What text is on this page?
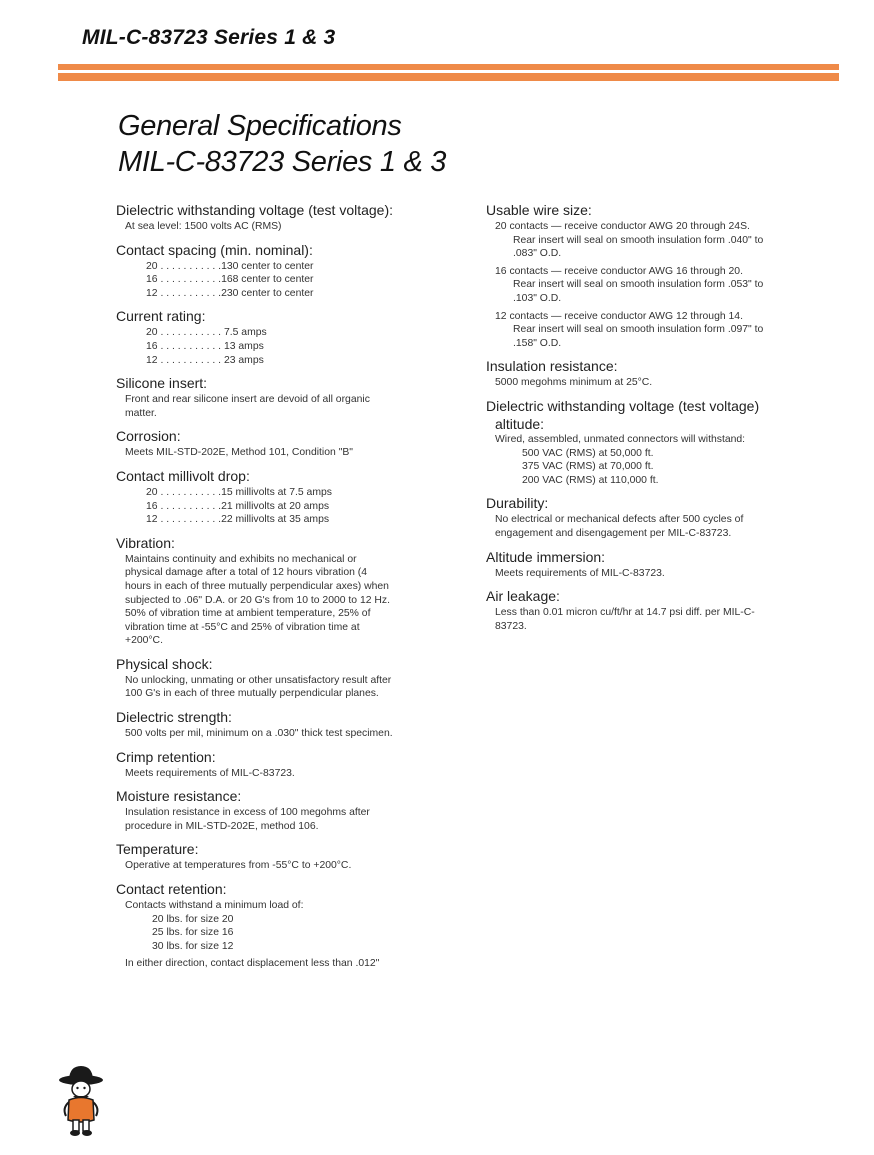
MIL-C-83723 Series 1 & 3
General Specifications
MIL-C-83723 Series 1 & 3
Dielectric withstanding voltage (test voltage):
At sea level: 1500 volts AC (RMS)
Contact spacing (min. nominal):
20 . . . . . . . . . . .130 center to center
16 . . . . . . . . . . .168 center to center
12 . . . . . . . . . . .230 center to center
Current rating:
20 . . . . . . . . . . . 7.5 amps
16 . . . . . . . . . . . 13 amps
12 . . . . . . . . . . . 23 amps
Silicone insert:
Front and rear silicone insert are devoid of all organic
matter.
Corrosion:
Meets MIL-STD-202E, Method 101, Condition "B"
Contact millivolt drop:
20 . . . . . . . . . . .15 millivolts at 7.5 amps
16 . . . . . . . . . . .21 millivolts at 20 amps
12 . . . . . . . . . . .22 millivolts at 35 amps
Vibration:
Maintains continuity and exhibits no mechanical or
physical damage after a total of 12 hours vibration (4
hours in each of three mutually perpendicular axes) when
subjected to .06" D.A. or 20 G's from 10 to 2000 to 12 Hz.
50% of vibration time at ambient temperature, 25% of
vibration time at -55°C and 25% of vibration time at
+200°C.
Physical shock:
No unlocking, unmating or other unsatisfactory result after
100 G's in each of three mutually perpendicular planes.
Dielectric strength:
500 volts per mil, minimum on a .030" thick test specimen.
Crimp retention:
Meets requirements of MIL-C-83723.
Moisture resistance:
Insulation resistance in excess of 100 megohms after
procedure in MIL-STD-202E, method 106.
Temperature:
Operative at temperatures from -55°C to +200°C.
Contact retention:
Contacts withstand a minimum load of:
20 lbs. for size 20
25 lbs. for size 16
30 lbs. for size 12
In either direction, contact displacement less than .012"
Usable wire size:
20 contacts — receive conductor AWG 20 through 24S.
Rear insert will seal on smooth insulation form .040" to
.083" O.D.
16 contacts — receive conductor AWG 16 through 20.
Rear insert will seal on smooth insulation form .053" to
.103" O.D.
12 contacts — receive conductor AWG 12 through 14.
Rear insert will seal on smooth insulation form .097" to
.158" O.D.
Insulation resistance:
5000 megohms minimum at 25°C.
Dielectric withstanding voltage (test voltage)
altitude:
Wired, assembled, unmated connectors will withstand:
500 VAC (RMS) at 50,000 ft.
375 VAC (RMS) at 70,000 ft.
200 VAC (RMS) at 110,000 ft.
Durability:
No electrical or mechanical defects after 500 cycles of
engagement and disengagement per MIL-C-83723.
Altitude immersion:
Meets requirements of MIL-C-83723.
Air leakage:
Less than 0.01 micron cu/ft/hr at 14.7 psi diff. per MIL-C-
83723.
